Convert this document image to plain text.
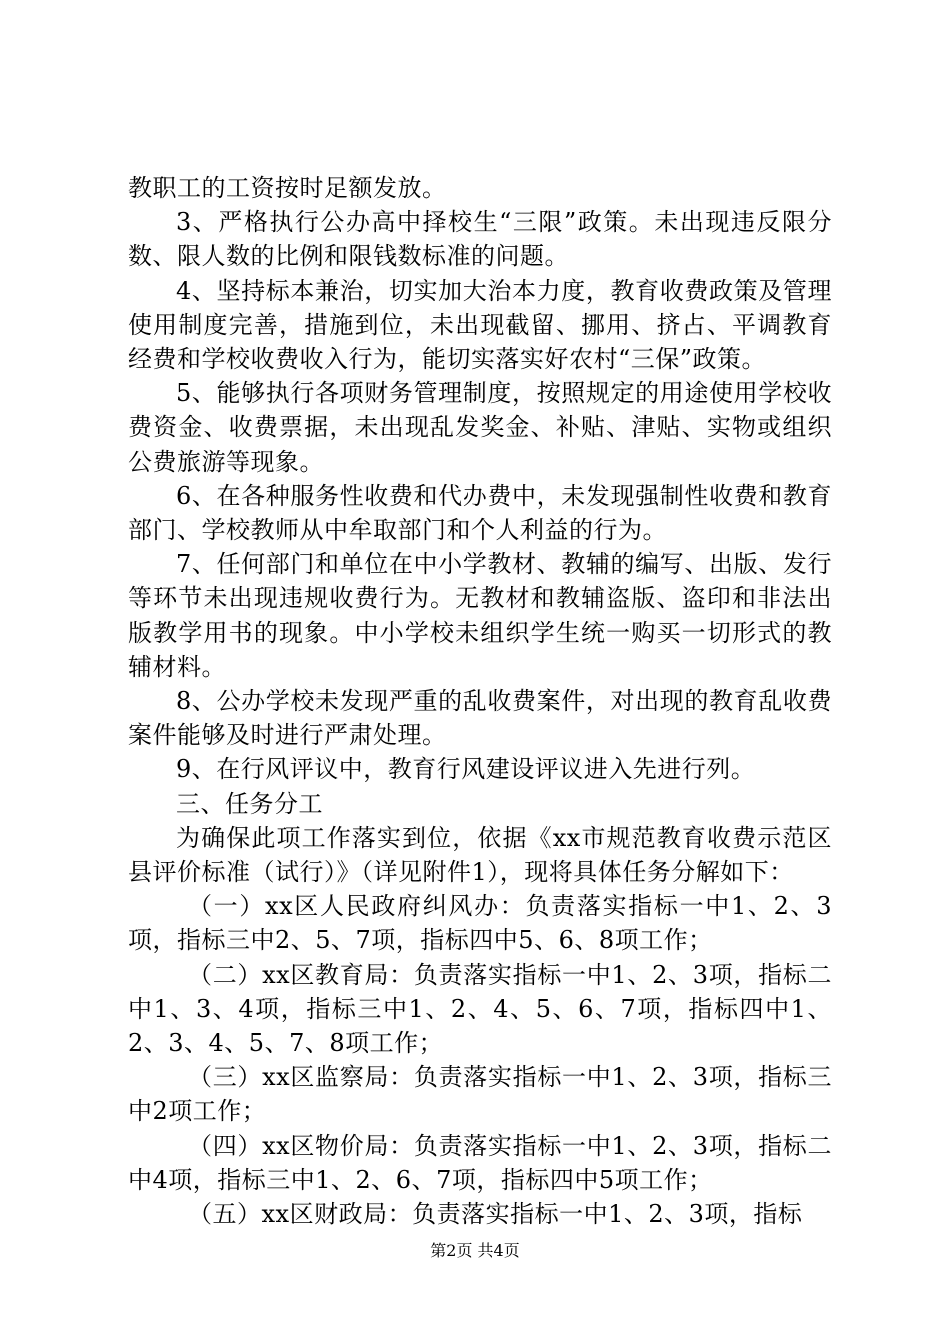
教职工的工资按时足额发放。

3、严格执行公办高中择校生“三限”政策。未出现违反限分数、限人数的比例和限钱数标准的问题。

4、坚持标本兼治，切实加大治本力度，教育收费政策及管理使用制度完善，措施到位，未出现截留、挪用、挤占、平调教育经费和学校收费收入行为，能切实落实好农村“三保”政策。

5、能够执行各项财务管理制度，按照规定的用途使用学校收费资金、收费票据，未出现乱发奖金、补贴、津贴、实物或组织公费旅游等现象。

6、在各种服务性收费和代办费中，未发现强制性收费和教育部门、学校教师从中牟取部门和个人利益的行为。

7、任何部门和单位在中小学教材、教辅的编写、出版、发行等环节未出现违规收费行为。无教材和教辅盗版、盗印和非法出版教学用书的现象。中小学校未组织学生统一购买一切形式的教辅材料。

8、公办学校未发现严重的乱收费案件，对出现的教育乱收费案件能够及时进行严肃处理。

9、在行风评议中，教育行风建设评议进入先进行列。

三、任务分工

为确保此项工作落实到位，依据《xx市规范教育收费示范区县评价标准（试行）》（详见附件1），现将具体任务分解如下：

（一）xx区人民政府纠风办：负责落实指标一中1、2、3项，指标三中2、5、7项，指标四中5、6、8项工作；

（二）xx区教育局：负责落实指标一中1、2、3项，指标二中1、3、4项，指标三中1、2、4、5、6、7项，指标四中1、2、3、4、5、7、8项工作；

（三）xx区监察局：负责落实指标一中1、2、3项，指标三中2项工作；

（四）xx区物价局：负责落实指标一中1、2、3项，指标二中4项，指标三中1、2、6、7项，指标四中5项工作；

（五）xx区财政局：负责落实指标一中1、2、3项，指标

第2页 共4页
